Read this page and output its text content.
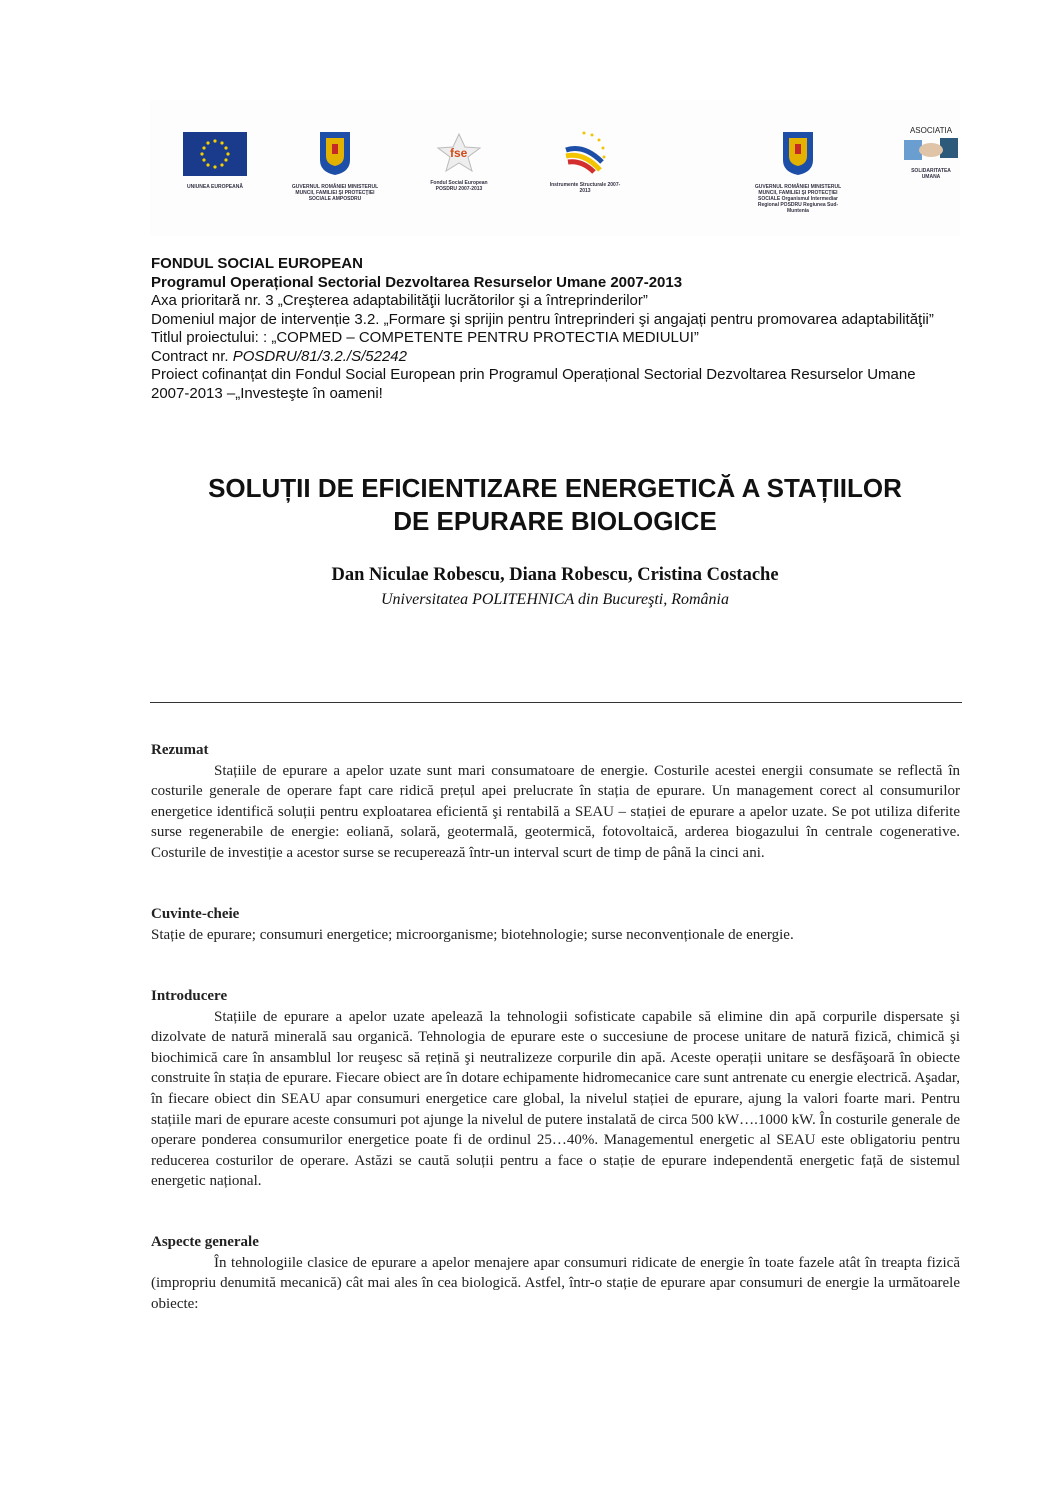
UNIUNEA EUROPEANĂ	GUVERNUL ROMÂNIEI MINISTERUL MUNCII, FAMILIEI ŞI PROTECŢIEI SOCIALE AMPOSDRU
fse
Fondul Social European POSDRU 2007-2013
Instrumente Structurale 2007-2013
GUVERNUL ROMÂNIEI MINISTERUL MUNCII, FAMILIEI ŞI PROTECŢIEI SOCIALE Organismul Intermediar Regional POSDRU Regiunea Sud-Muntenia
ASOCIATIA
SOLIDARITATEA UMANA
FONDUL SOCIAL EUROPEAN
Programul Operațional Sectorial Dezvoltarea Resurselor Umane 2007-2013
Axa prioritară nr. 3 „Creşterea adaptabilităţii lucrătorilor şi a întreprinderilor”
Domeniul major de intervenție 3.2. „Formare şi sprijin pentru întreprinderi şi angajați pentru promovarea adaptabilităţii”
Titlul proiectului: : „COPMED – COMPETENTE PENTRU PROTECTIA MEDIULUI”
Contract nr. POSDRU/81/3.2./S/52242
Proiect cofinanțat din Fondul Social European prin Programul Operațional Sectorial Dezvoltarea Resurselor Umane 2007-2013 –„Investeşte în oameni!
SOLUȚII DE EFICIENTIZARE ENERGETICĂ A STAȚIILOR
DE EPURARE BIOLOGICE
Dan Niculae Robescu, Diana Robescu, Cristina Costache
Universitatea POLITEHNICA din Bucureşti, România
Rezumat

Stațiile de epurare a apelor uzate sunt mari consumatoare de energie. Costurile acestei energii consumate se reflectă în costurile generale de operare fapt care ridică prețul apei prelucrate în stația de epurare. Un management corect al consumurilor energetice identifică soluții pentru exploatarea eficientă şi rentabilă a SEAU – stației de epurare a apelor uzate. Se pot utiliza diferite surse regenerabile de energie: eoliană, solară, geotermală, geotermică, fotovoltaică, arderea biogazului în centrale cogenerative. Costurile de investiție a acestor surse se recuperează într-un interval scurt de timp de până la cinci ani.

Cuvinte-cheie

Stație de epurare; consumuri energetice; microorganisme; biotehnologie; surse neconvenționale de energie.

Introducere

Stațiile de epurare a apelor uzate apelează la tehnologii sofisticate capabile să elimine din apă corpurile dispersate şi dizolvate de natură minerală sau organică. Tehnologia de epurare este o succesiune de procese unitare de natură fizică, chimică şi biochimică care în ansamblul lor reuşesc să rețină şi neutralizeze corpurile din apă. Aceste operații unitare se desfăşoară în obiecte construite în stația de epurare. Fiecare obiect are în dotare echipamente hidromecanice care sunt antrenate cu energie electrică. Aşadar, în fiecare obiect din SEAU apar consumuri energetice care global, la nivelul stației de epurare, ajung la valori foarte mari. Pentru stațiile mari de epurare aceste consumuri pot ajunge la nivelul de putere instalată de circa 500 kW….1000 kW. În costurile generale de operare ponderea consumurilor energetice poate fi de ordinul 25…40%. Managementul energetic al SEAU este obligatoriu pentru reducerea costurilor de operare. Astăzi se caută soluții pentru a face o stație de epurare independentă energetic față de sistemul energetic național.

Aspecte generale

În tehnologiile clasice de epurare a apelor menajere apar consumuri ridicate de energie în toate fazele atât în treapta fizică (impropriu denumită mecanică) cât mai ales în cea biologică. Astfel, într-o stație de epurare apar consumuri de energie la următoarele obiecte:
